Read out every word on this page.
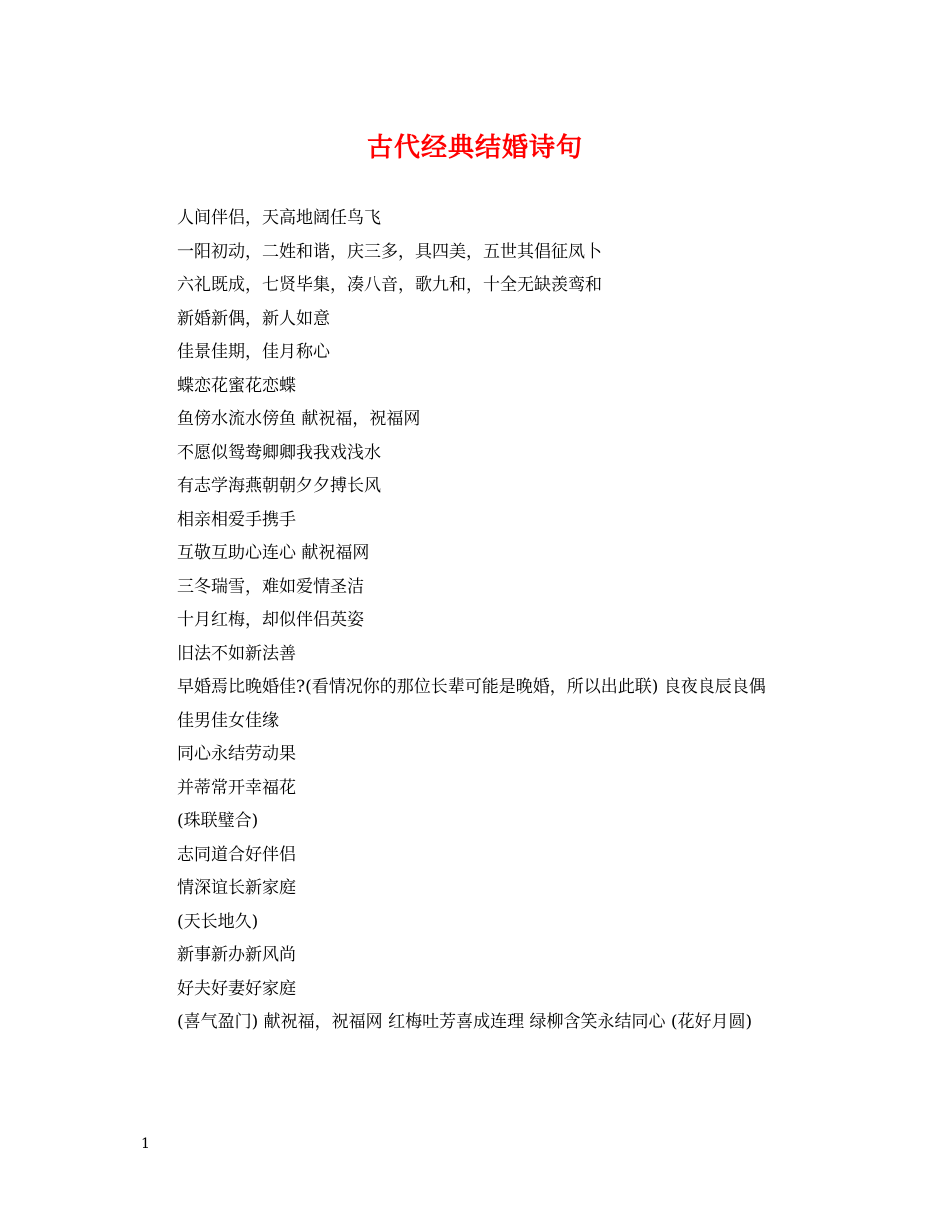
古代经典结婚诗句
人间伴侣，天高地阔任鸟飞
一阳初动，二姓和谐，庆三多，具四美，五世其倡征凤卜
六礼既成，七贤毕集，凑八音，歌九和，十全无缺羡鸾和
新婚新偶，新人如意
佳景佳期，佳月称心
蝶恋花蜜花恋蝶
鱼傍水流水傍鱼 献祝福，祝福网
不愿似鸳鸯卿卿我我戏浅水
有志学海燕朝朝夕夕搏长风
相亲相爱手携手
互敬互助心连心 献祝福网
三冬瑞雪，难如爱情圣洁
十月红梅，却似伴侣英姿
旧法不如新法善
早婚焉比晚婚佳?(看情况你的那位长辈可能是晚婚，所以出此联) 良夜良辰良偶
佳男佳女佳缘
同心永结劳动果
并蒂常开幸福花
(珠联璧合)
志同道合好伴侣
情深谊长新家庭
(天长地久)
新事新办新风尚
好夫好妻好家庭
(喜气盈门) 献祝福，祝福网 红梅吐芳喜成连理 绿柳含笑永结同心 (花好月圆)
1
